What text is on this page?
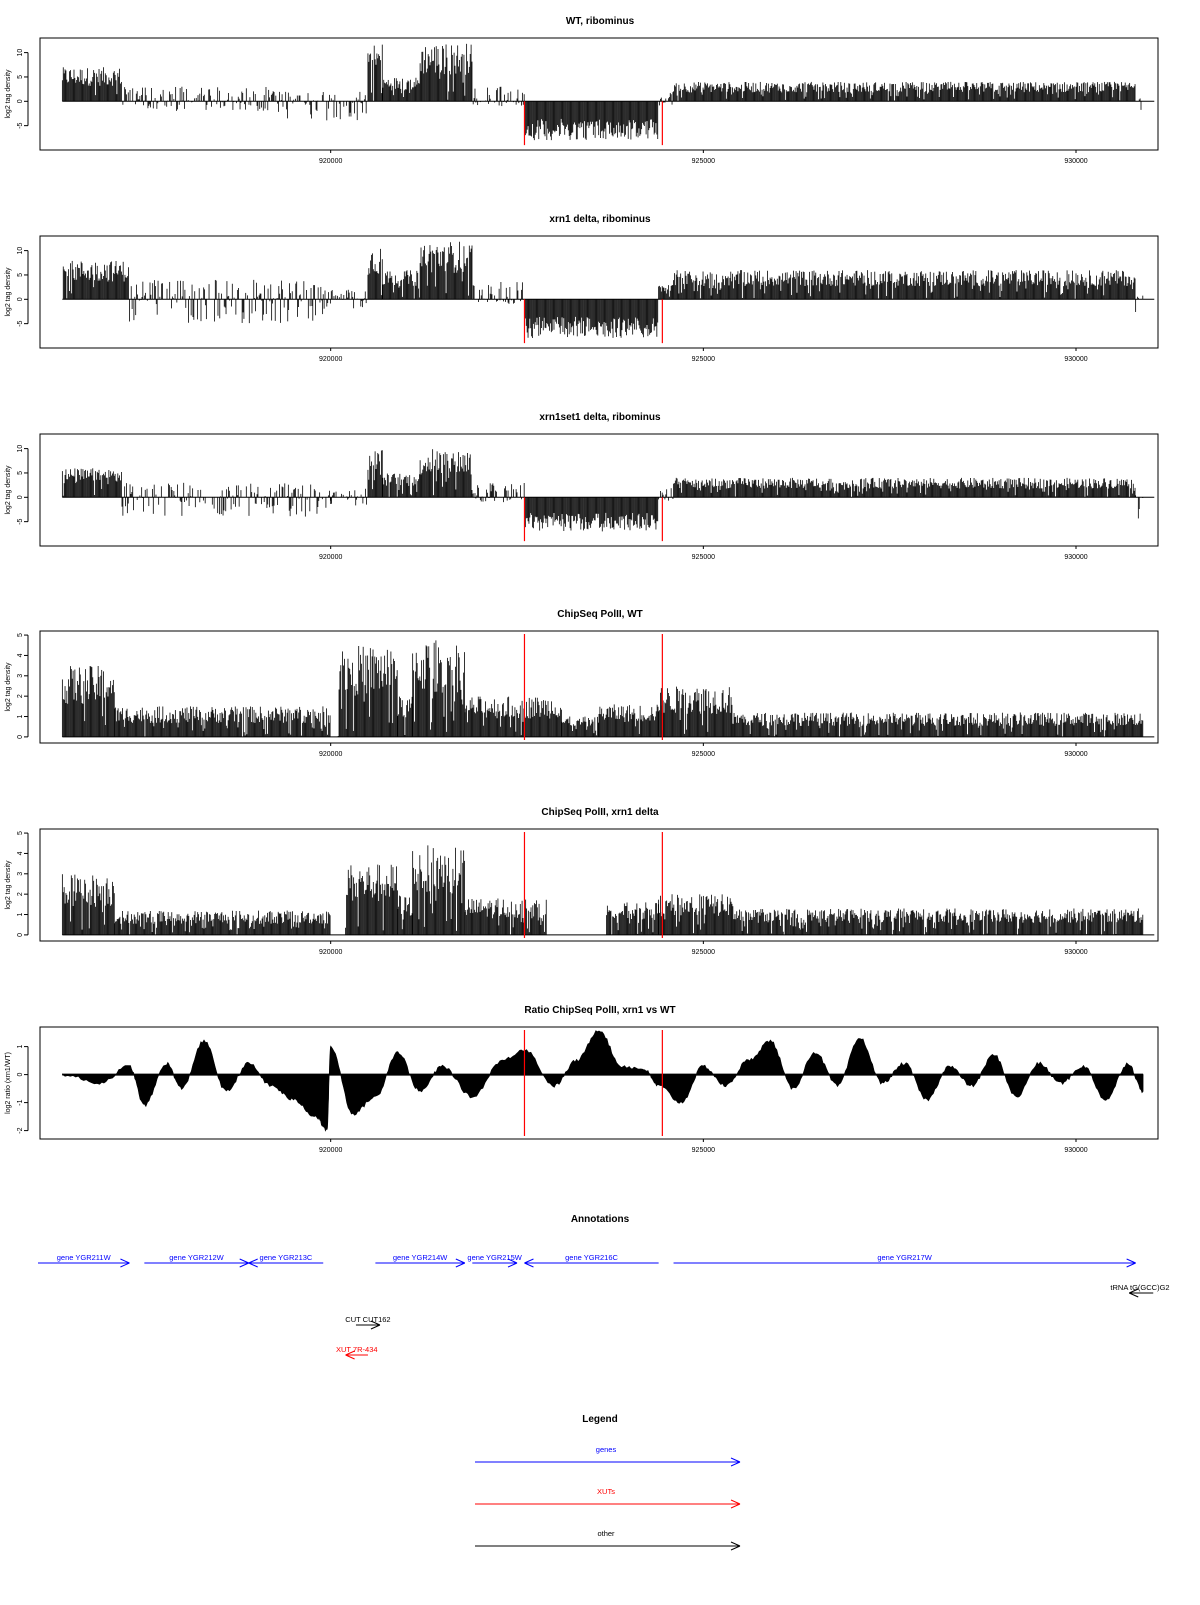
WT, ribominus
-5
0
5
10
log2 tag density
920000	925000	930000
xrn1 delta, ribominus
-5
0
5
10
log2 tag density
920000	925000	930000
xrn1set1 delta, ribominus
-5
0
5
10
log2 tag density
920000	925000	930000
ChipSeq PolII, WT
0
1
2
3
4
5
log2 tag density
920000	925000	930000
ChipSeq PolII, xrn1 delta
0
1
2
3
4
5
log2 tag density
920000	925000	930000
Ratio ChipSeq PolII, xrn1 vs WT
-2
-1
0
1
log2 ratio (xrn1/WT)
920000	925000	930000
Annotations
gene YGR211W	gene YGR212W	gene YGR213C	gene YGR214W	gene YGR215W	gene YGR216C	gene YGR217W
tRNA tG(GCC)G2
CUT CUT162
XUT 7R-434
Legend
genes
XUTs
other
